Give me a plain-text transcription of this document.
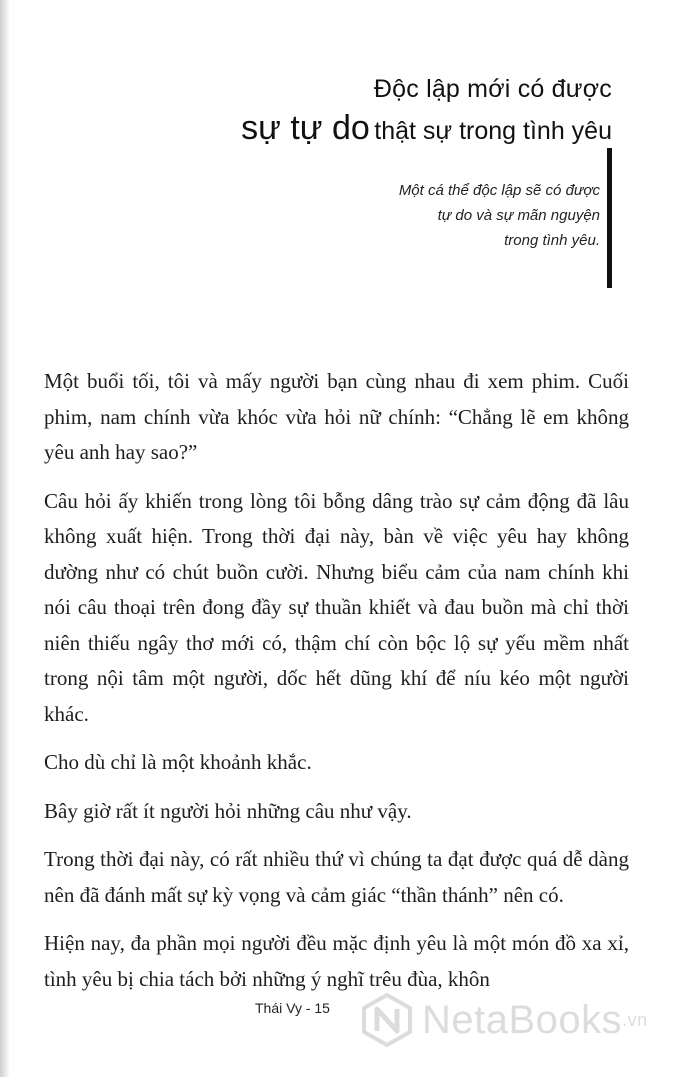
Độc lập mới có được
sự tự do thật sự trong tình yêu
Một cá thể độc lập sẽ có được
tự do và sự mãn nguyện
trong tình yêu.

Một buổi tối, tôi và mấy người bạn cùng nhau đi xem phim. Cuối phim, nam chính vừa khóc vừa hỏi nữ chính: “Chẳng lẽ em không yêu anh hay sao?”

Câu hỏi ấy khiến trong lòng tôi bỗng dâng trào sự cảm động đã lâu không xuất hiện. Trong thời đại này, bàn về việc yêu hay không dường như có chút buồn cười. Nhưng biểu cảm của nam chính khi nói câu thoại trên đong đầy sự thuần khiết và đau buồn mà chỉ thời niên thiếu ngây thơ mới có, thậm chí còn bộc lộ sự yếu mềm nhất trong nội tâm một người, dốc hết dũng khí để níu kéo một người khác.

Cho dù chỉ là một khoảnh khắc.

Bây giờ rất ít người hỏi những câu như vậy.

Trong thời đại này, có rất nhiều thứ vì chúng ta đạt được quá dễ dàng nên đã đánh mất sự kỳ vọng và cảm giác “thần thánh” nên có.

Hiện nay, đa phần mọi người đều mặc định yêu là một món đồ xa xỉ, tình yêu bị chia tách bởi những ý nghĩ trêu đùa, khôn

Thái Vy - 15 NetaBooks .vn
